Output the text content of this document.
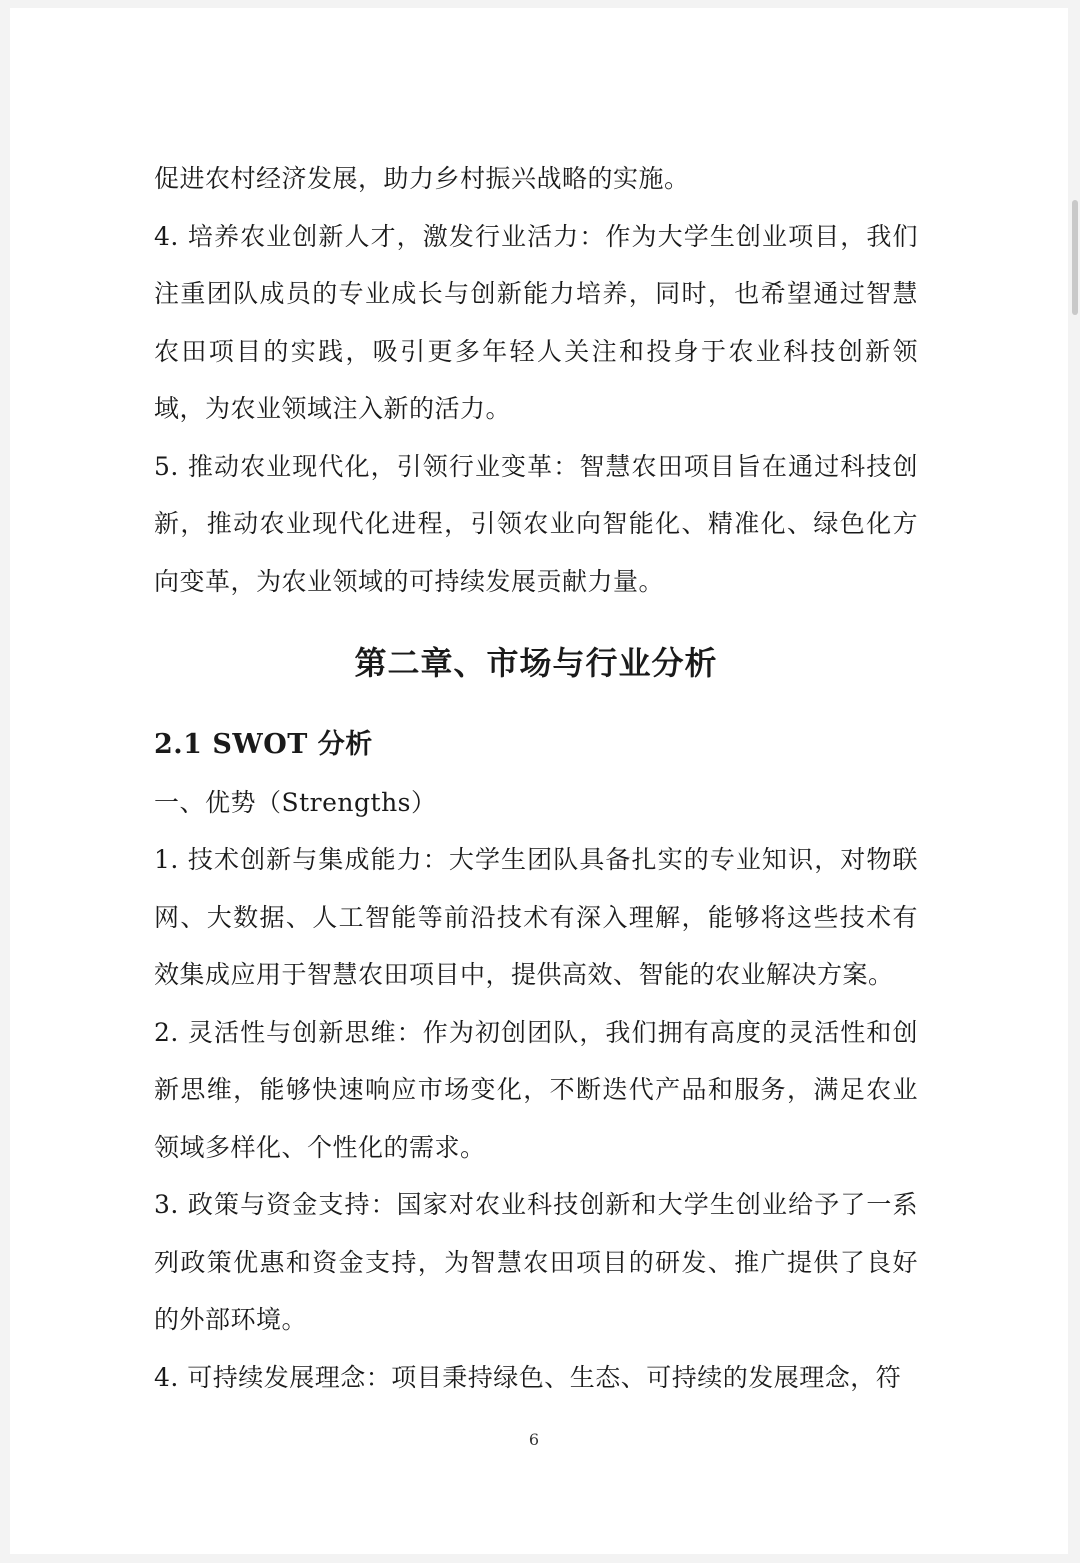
促进农村经济发展，助力乡村振兴战略的实施。

4. 培养农业创新人才，激发行业活力：作为大学生创业项目，我们注重团队成员的专业成长与创新能力培养，同时，也希望通过智慧农田项目的实践，吸引更多年轻人关注和投身于农业科技创新领域，为农业领域注入新的活力。

5. 推动农业现代化，引领行业变革：智慧农田项目旨在通过科技创新，推动农业现代化进程，引领农业向智能化、精准化、绿色化方向变革，为农业领域的可持续发展贡献力量。

第二章、市场与行业分析
2.1 SWOT 分析

一、优势（Strengths）

1. 技术创新与集成能力：大学生团队具备扎实的专业知识，对物联网、大数据、人工智能等前沿技术有深入理解，能够将这些技术有效集成应用于智慧农田项目中，提供高效、智能的农业解决方案。

2. 灵活性与创新思维：作为初创团队，我们拥有高度的灵活性和创新思维，能够快速响应市场变化，不断迭代产品和服务，满足农业领域多样化、个性化的需求。

3. 政策与资金支持：国家对农业科技创新和大学生创业给予了一系列政策优惠和资金支持，为智慧农田项目的研发、推广提供了良好的外部环境。

4. 可持续发展理念：项目秉持绿色、生态、可持续的发展理念，符

6
